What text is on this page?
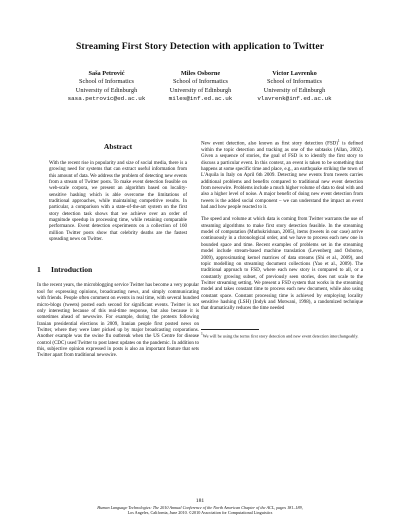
Streaming First Story Detection with application to Twitter
Saša Petrović
School of Informatics
University of Edinburgh
sasa.petrovic@ed.ac.uk
Miles Osborne
School of Informatics
University of Edinburgh
miles@inf.ed.ac.uk
Victor Lavrenko
School of Informatics
University of Edinburgh
vlavrenk@inf.ed.ac.uk
Abstract
With the recent rise in popularity and size of social media, there is a growing need for systems that can extract useful information from this amount of data. We address the problem of detecting new events from a stream of Twitter posts. To make event detection feasible on web-scale corpora, we present an algorithm based on locality-sensitive hashing which is able overcome the limitations of traditional approaches, while maintaining competitive results. In particular, a comparison with a state-of-the-art system on the first story detection task shows that we achieve over an order of magnitude speedup in processing time, while retaining comparable performance. Event detection experiments on a collection of 160 million Twitter posts show that celebrity deaths are the fastest spreading news on Twitter.
1 Introduction

In the recent years, the microblogging service Twitter has become a very popular tool for expressing opinions, broadcasting news, and simply communicating with friends. People often comment on events in real time, with several hundred micro-blogs (tweets) posted each second for significant events. Twitter is not only interesting because of this real-time response, but also because it is sometimes ahead of newswire. For example, during the protests following Iranian presidential elections in 2009, Iranian people first posted news on Twitter, where they were later picked up by major broadcasting corporations. Another example was the swine flu outbreak when the US Centre for disease control (CDC) used Twitter to post latest updates on the pandemic. In addition to this, subjective opinion expressed in posts is also an important feature that sets Twitter apart from traditional newswire.

New event detection, also known as first story detection (FSD)$^1$ is defined within the topic detection and tracking as one of the subtasks (Allan, 2002). Given a sequence of stories, the goal of FSD is to identify the first story to discuss a particular event. In this context, an event is taken to be something that happens at some specific time and place, e.g., an earthquake striking the town of L'Aquila in Italy on April 6th 2009. Detecting new events from tweets carries additional problems and benefits compared to traditional new event detection from newswire. Problems include a much higher volume of data to deal with and also a higher level of noise. A major benefit of doing new event detection from tweets is the added social component – we can understand the impact an event had and how people reacted to it.

The speed and volume at which data is coming from Twitter warrants the use of streaming algorithms to make first story detection feasible. In the streaming model of computation (Muthukrishnan, 2005), items (tweets in our case) arrive continuously in a chronological order, and we have to process each new one in bounded space and time. Recent examples of problems set in the streaming model include stream-based machine translation (Levenberg and Osborne, 2009), approximating kernel matrices of data streams (Shi et al., 2009), and topic modelling on streaming document collections (Yao et al., 2009). The traditional approach to FSD, where each new story is compared to all, or a constantly growing subset, of previously seen stories, does not scale to the Twitter streaming setting. We present a FSD system that works in the streaming model and takes constant time to process each new document, while also using constant space. Constant processing time is achieved by employing locality sensitive hashing (LSH) (Indyk and Motwani, 1998), a randomized technique that dramatically reduces the time needed

$^1$We will be using the terms first story detection and new event detection interchangeably.
181
Human Language Technologies: The 2010 Annual Conference of the North American Chapter of the ACL, pages 181–189,
Los Angeles, California, June 2010. ©2010 Association for Computational Linguistics
